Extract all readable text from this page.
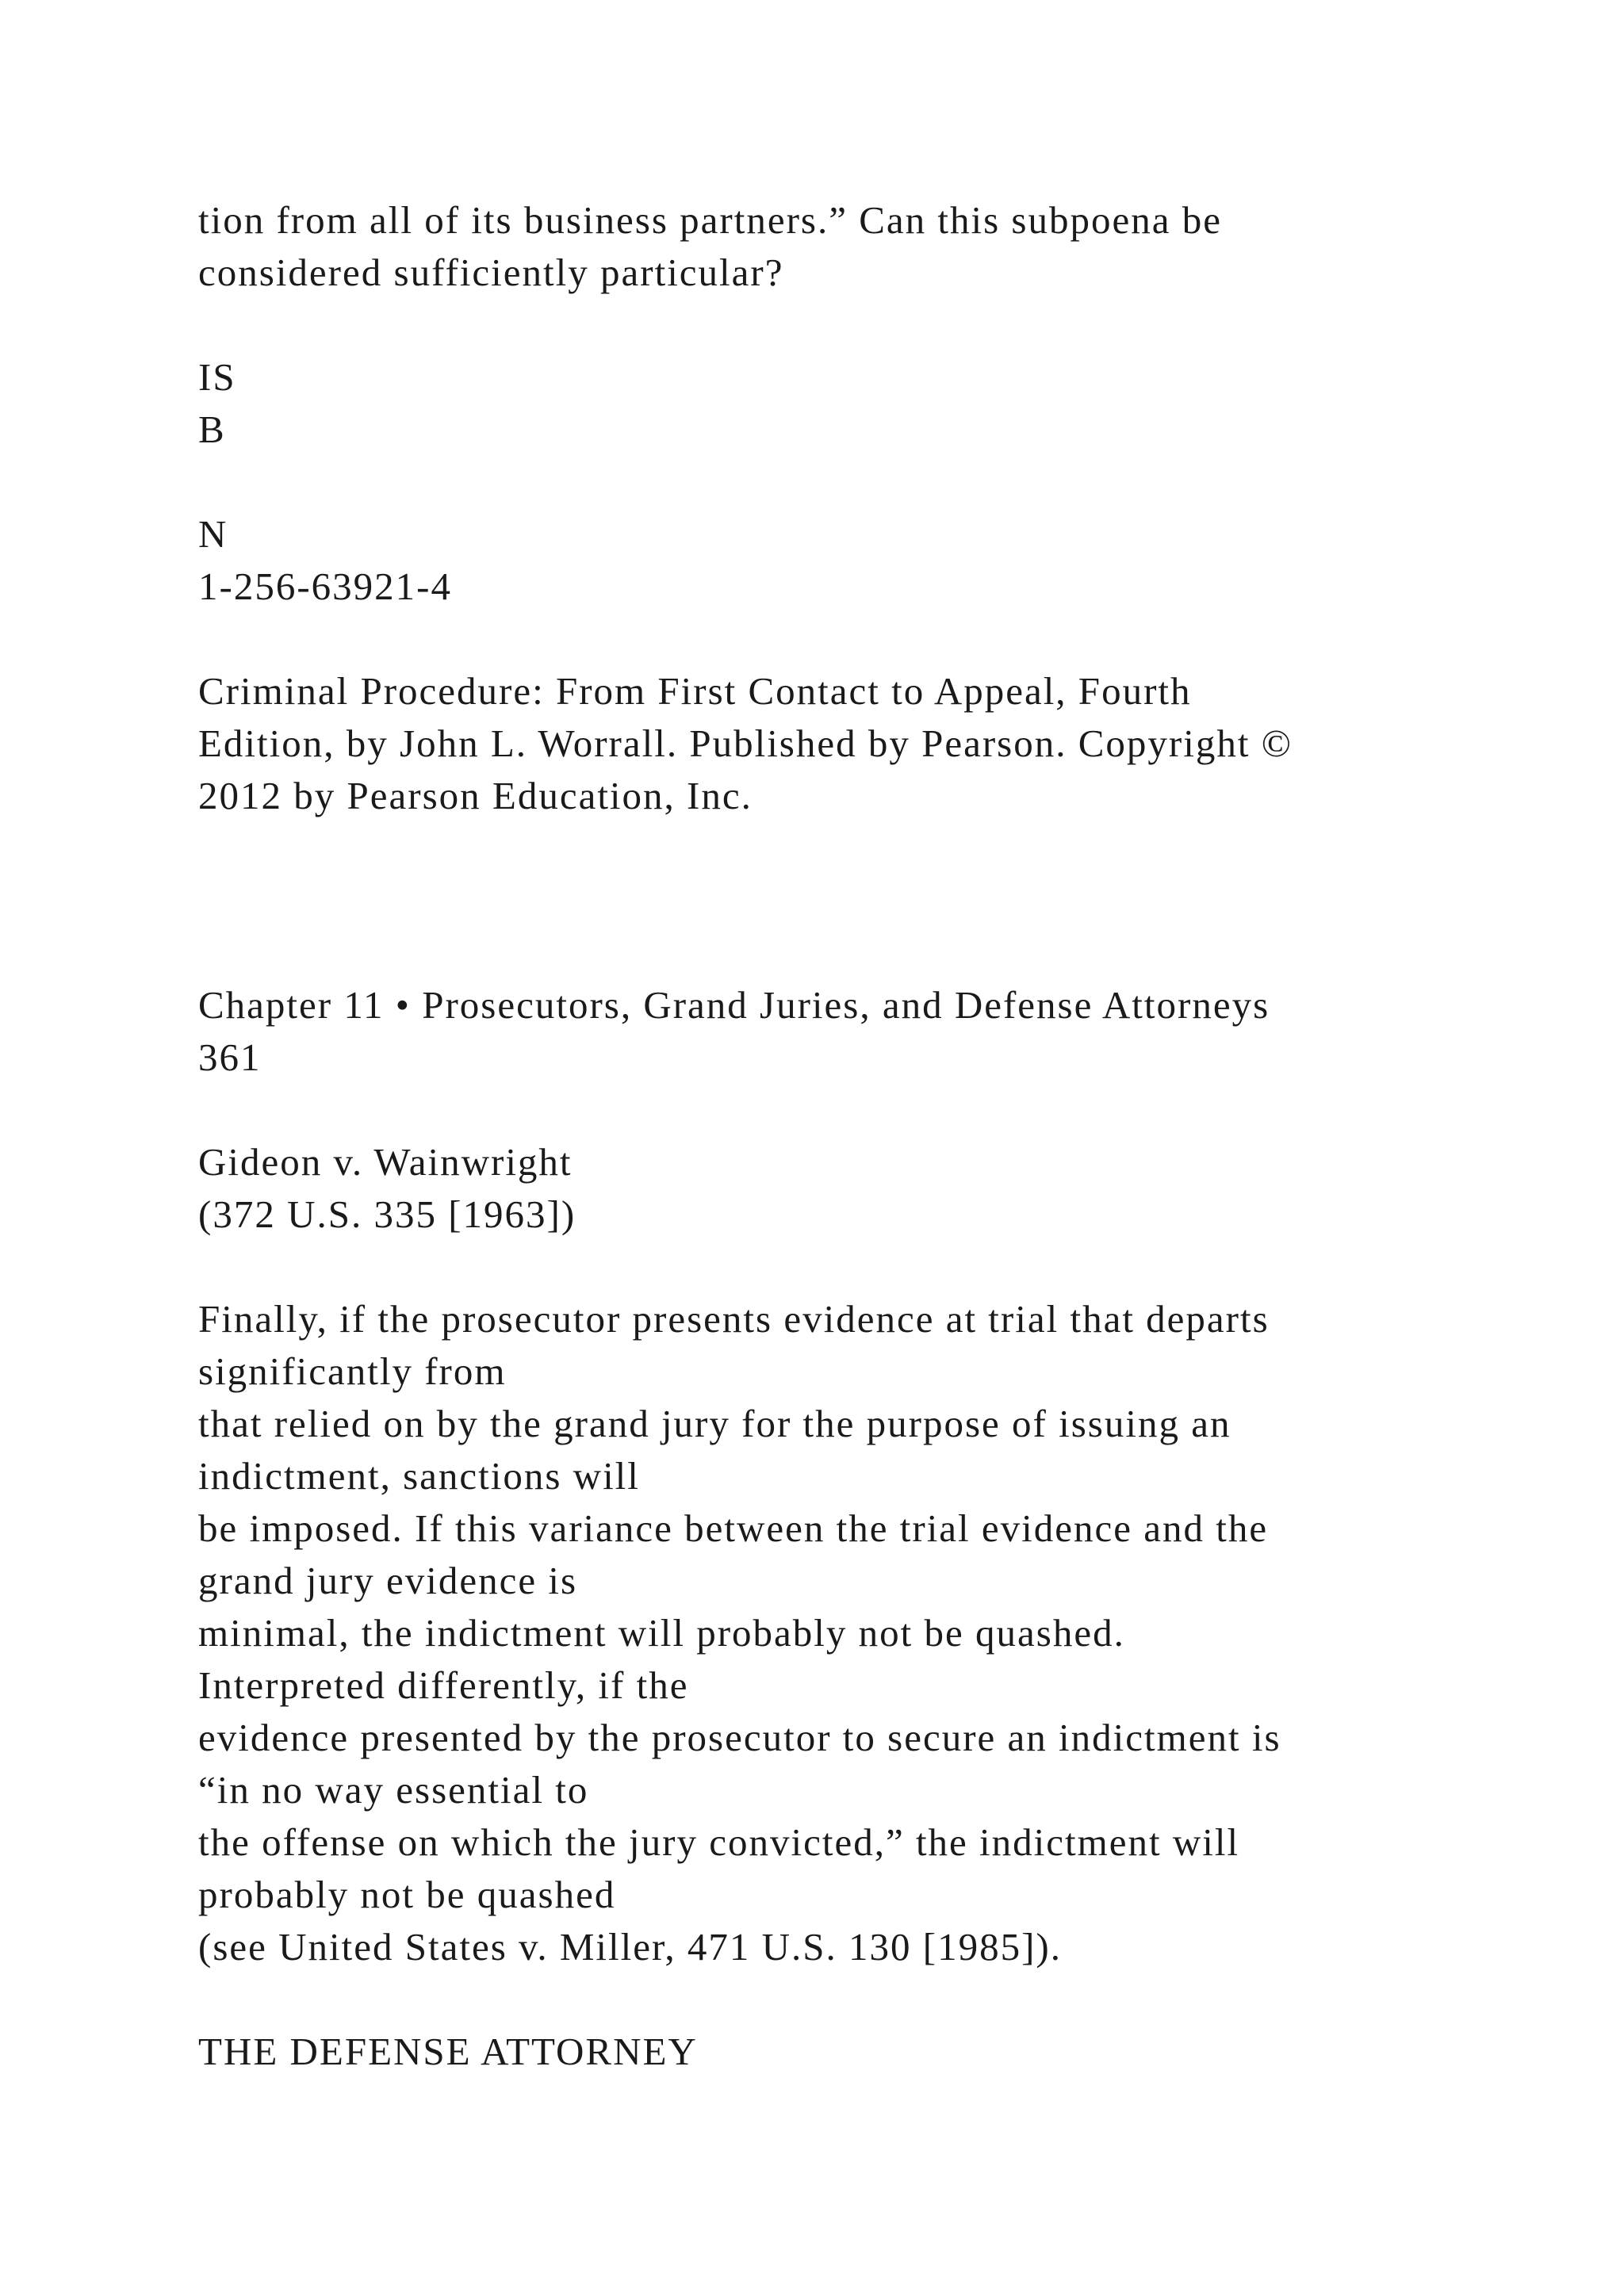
tion from all of its business partners.” Can this subpoena be
considered sufficiently particular?
IS
B
N
1-256-63921-4
Criminal Procedure: From First Contact to Appeal, Fourth
Edition, by John L. Worrall. Published by Pearson. Copyright ©
2012 by Pearson Education, Inc.
Chapter 11 • Prosecutors, Grand Juries, and Defense Attorneys
361
Gideon v. Wainwright
(372 U.S. 335 [1963])
Finally, if the prosecutor presents evidence at trial that departs
significantly from
that relied on by the grand jury for the purpose of issuing an
indictment, sanctions will
be imposed. If this variance between the trial evidence and the
grand jury evidence is
minimal, the indictment will probably not be quashed.
Interpreted differently, if the
evidence presented by the prosecutor to secure an indictment is
“in no way essential to
the offense on which the jury convicted,” the indictment will
probably not be quashed
(see United States v. Miller, 471 U.S. 130 [1985]).
THE DEFENSE ATTORNEY
